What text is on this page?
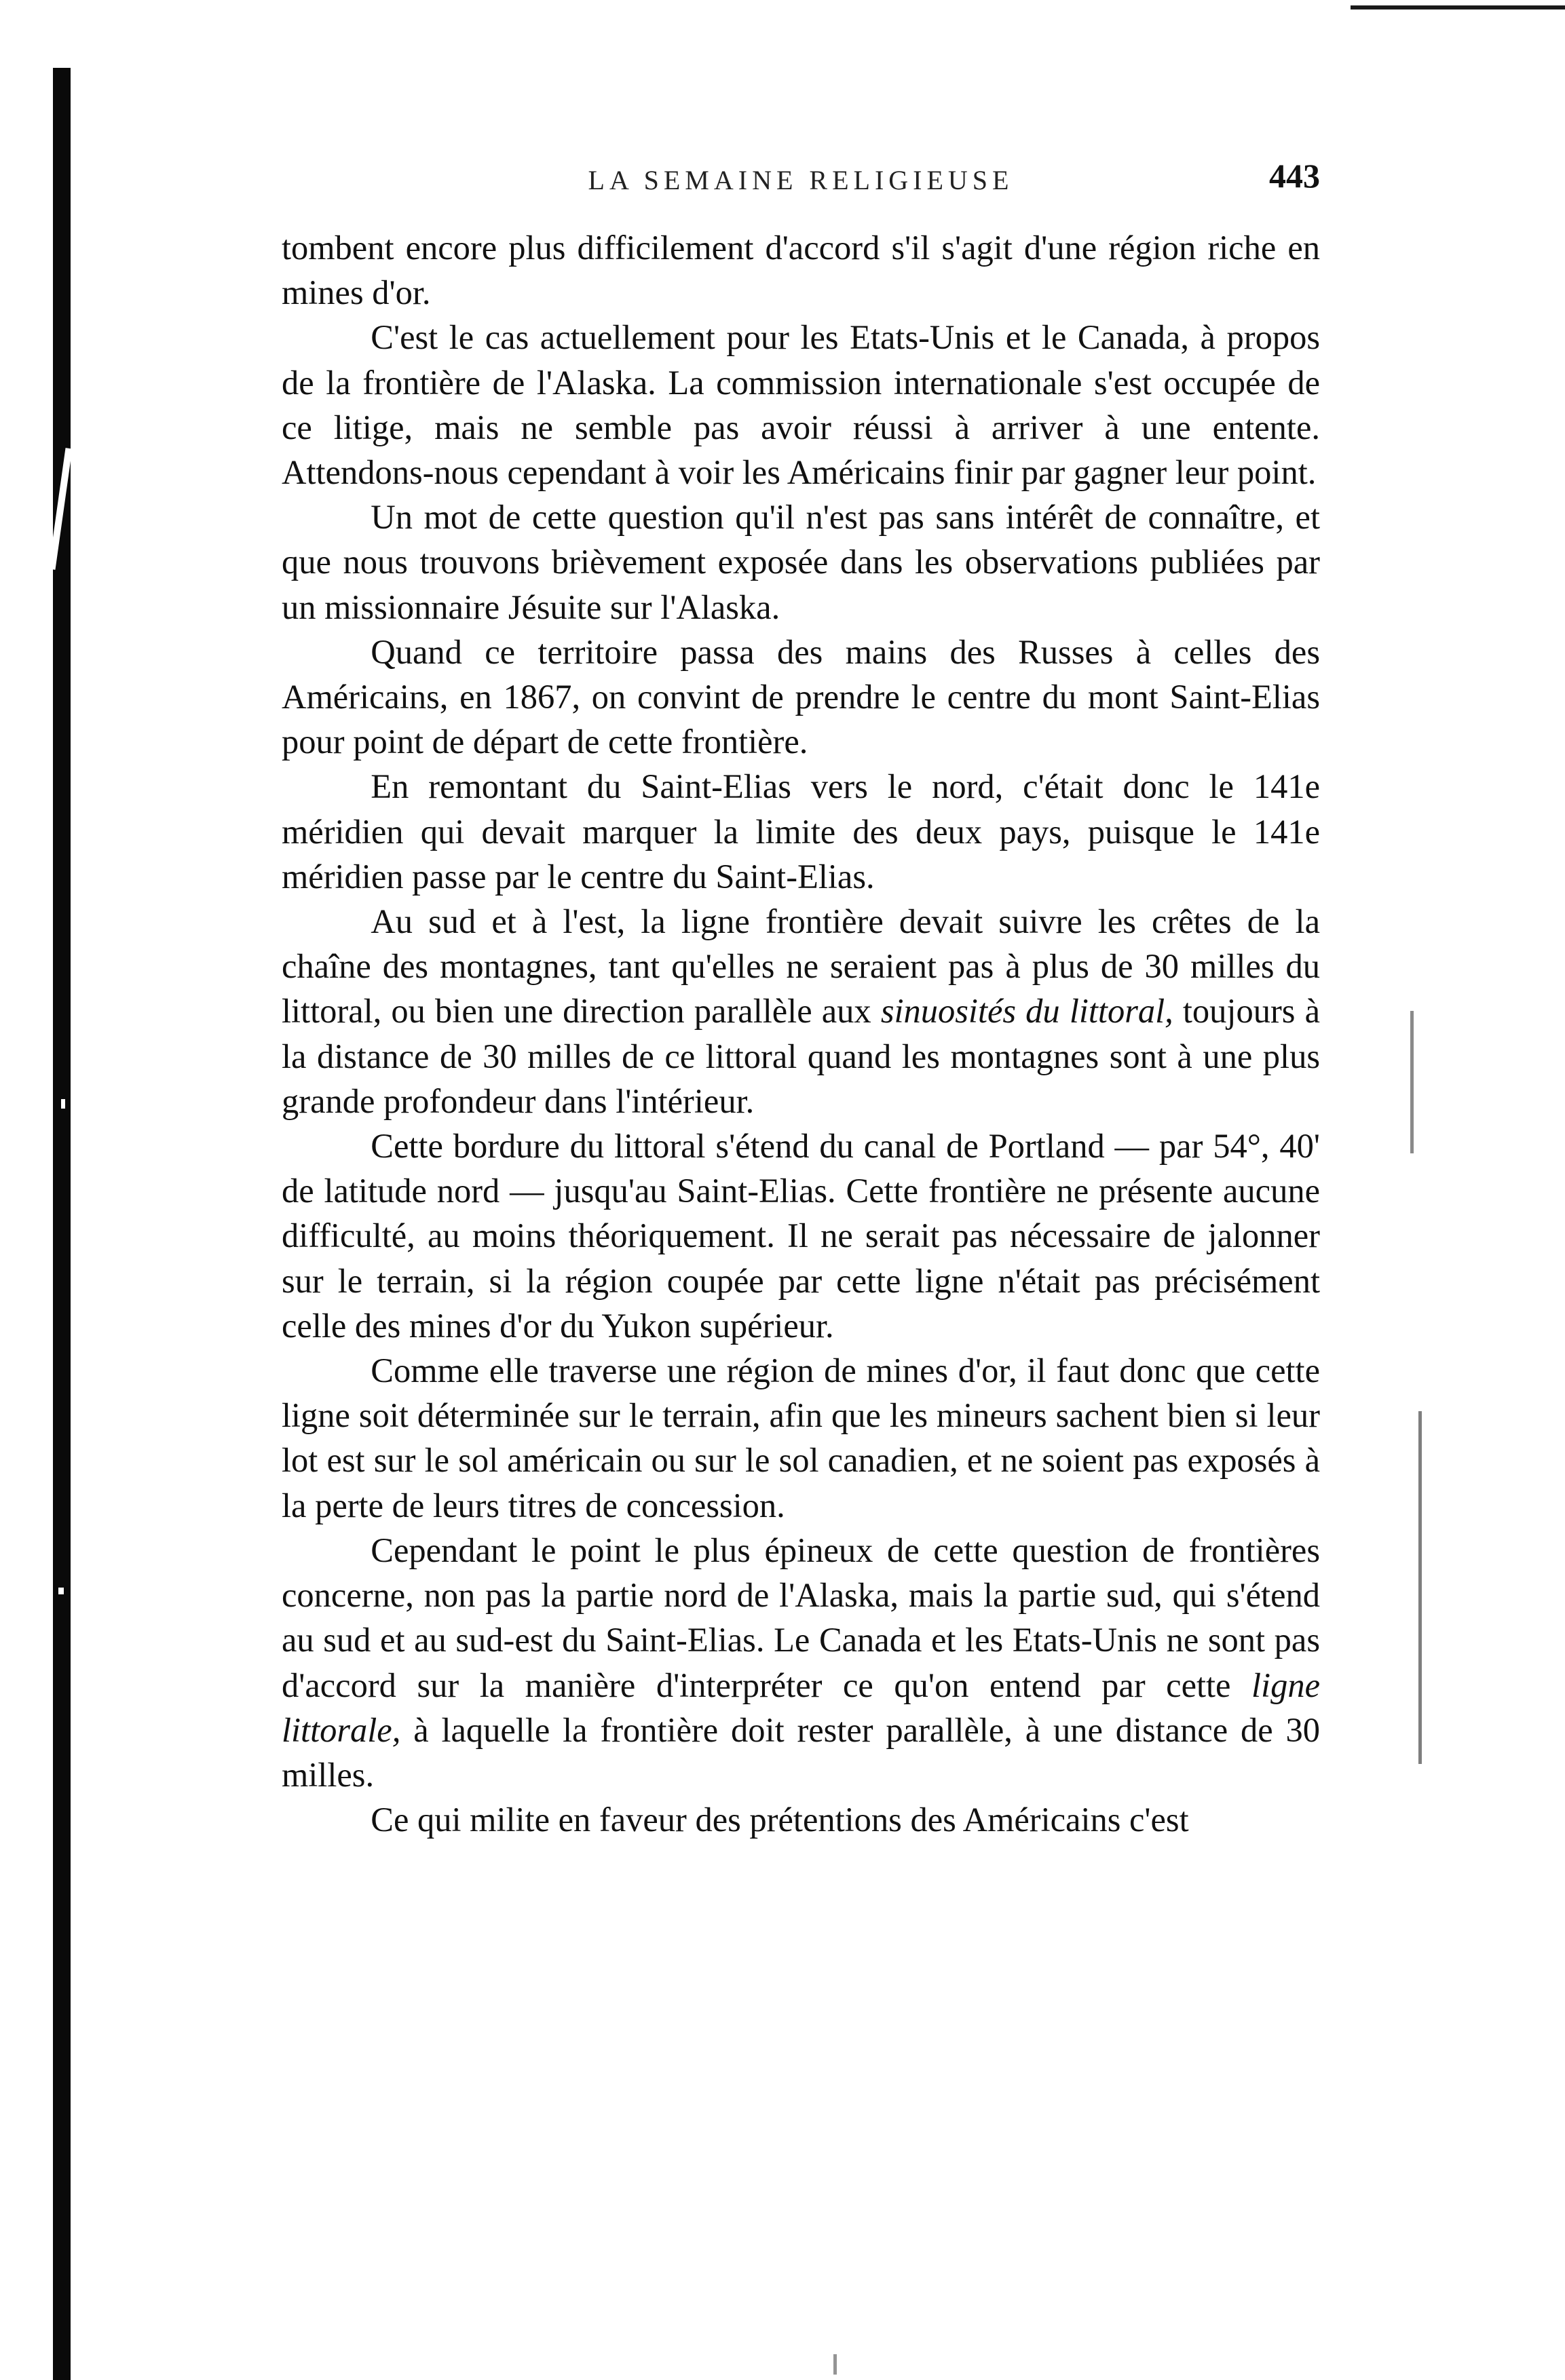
LA SEMAINE RELIGIEUSE	443

tombent encore plus difficilement d'accord s'il s'agit d'une région riche en mines d'or.

C'est le cas actuellement pour les Etats-Unis et le Canada, à propos de la frontière de l'Alaska. La commission internationale s'est occupée de ce litige, mais ne semble pas avoir réussi à arriver à une entente. Attendons-nous cependant à voir les Américains finir par gagner leur point.

Un mot de cette question qu'il n'est pas sans intérêt de connaître, et que nous trouvons brièvement exposée dans les observations publiées par un missionnaire Jésuite sur l'Alaska.

Quand ce territoire passa des mains des Russes à celles des Américains, en 1867, on convint de prendre le centre du mont Saint-Elias pour point de départ de cette frontière.

En remontant du Saint-Elias vers le nord, c'était donc le 141e méridien qui devait marquer la limite des deux pays, puisque le 141e méridien passe par le centre du Saint-Elias.

Au sud et à l'est, la ligne frontière devait suivre les crêtes de la chaîne des montagnes, tant qu'elles ne seraient pas à plus de 30 milles du littoral, ou bien une direction parallèle aux sinuosités du littoral, toujours à la distance de 30 milles de ce littoral quand les montagnes sont à une plus grande profondeur dans l'intérieur.

Cette bordure du littoral s'étend du canal de Portland — par 54°, 40' de latitude nord — jusqu'au Saint-Elias. Cette frontière ne présente aucune difficulté, au moins théoriquement. Il ne serait pas nécessaire de jalonner sur le terrain, si la région coupée par cette ligne n'était pas précisément celle des mines d'or du Yukon supérieur.

Comme elle traverse une région de mines d'or, il faut donc que cette ligne soit déterminée sur le terrain, afin que les mineurs sachent bien si leur lot est sur le sol américain ou sur le sol canadien, et ne soient pas exposés à la perte de leurs titres de concession.

Cependant le point le plus épineux de cette question de frontières concerne, non pas la partie nord de l'Alaska, mais la partie sud, qui s'étend au sud et au sud-est du Saint-Elias. Le Canada et les Etats-Unis ne sont pas d'accord sur la manière d'interpréter ce qu'on entend par cette ligne littorale, à laquelle la frontière doit rester parallèle, à une distance de 30 milles.

Ce qui milite en faveur des prétentions des Américains c'est
